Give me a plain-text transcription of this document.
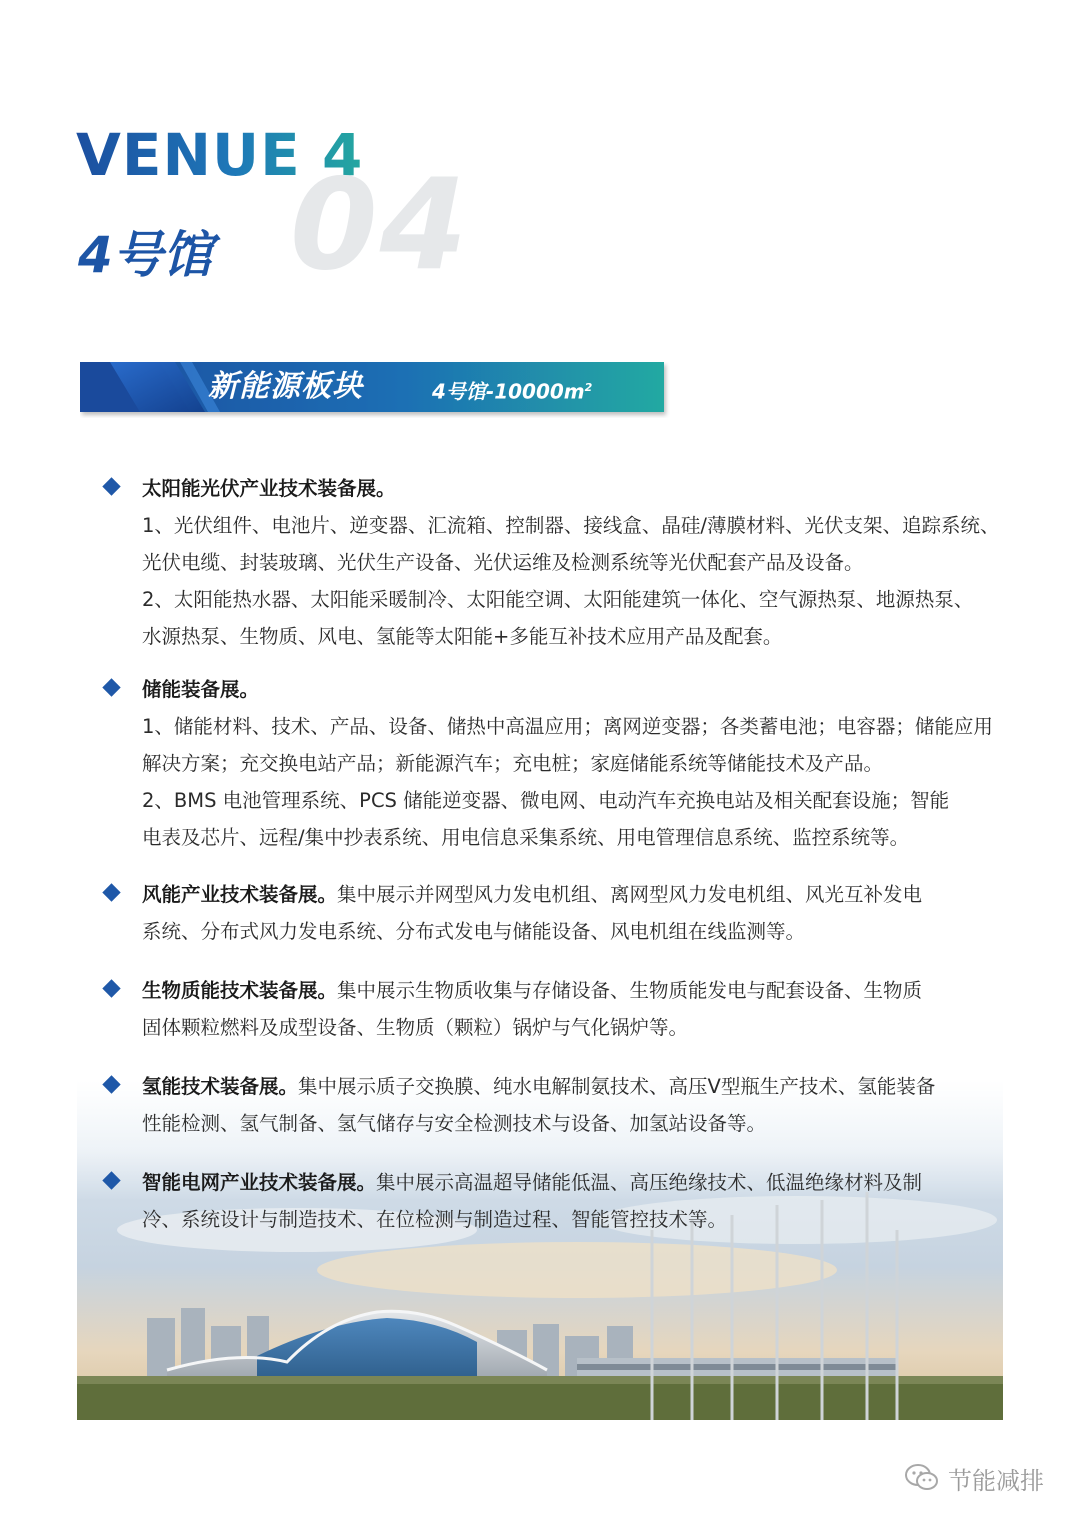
VENUE 4
04
4号馆
新能源板块	4号馆$-10000m^2$
太阳能光伏产业技术装备展。
1、光伏组件、电池片、逆变器、汇流箱、控制器、接线盒、晶硅/薄膜材料、光伏支架、追踪系统、
光伏电缆、封装玻璃、光伏生产设备、光伏运维及检测系统等光伏配套产品及设备。
2、太阳能热水器、太阳能采暖制冷、太阳能空调、太阳能建筑一体化、空气源热泵、地源热泵、
水源热泵、生物质、风电、氢能等太阳能+多能互补技术应用产品及配套。
储能装备展。
1、储能材料、技术、产品、设备、储热中高温应用；离网逆变器；各类蓄电池；电容器；储能应用
解决方案；充交换电站产品；新能源汽车；充电桩；家庭储能系统等储能技术及产品。
2、BMS 电池管理系统、PCS 储能逆变器、微电网、电动汽车充换电站及相关配套设施；智能
电表及芯片、远程/集中抄表系统、用电信息采集系统、用电管理信息系统、监控系统等。
风能产业技术装备展。集中展示并网型风力发电机组、离网型风力发电机组、风光互补发电
系统、分布式风力发电系统、分布式发电与储能设备、风电机组在线监测等。
生物质能技术装备展。集中展示生物质收集与存储设备、生物质能发电与配套设备、生物质
固体颗粒燃料及成型设备、生物质（颗粒）锅炉与气化锅炉等。
氢能技术装备展。集中展示质子交换膜、纯水电解制氨技术、高压V型瓶生产技术、氢能装备
性能检测、氢气制备、氢气储存与安全检测技术与设备、加氢站设备等。
智能电网产业技术装备展。集中展示高温超导储能低温、高压绝缘技术、低温绝缘材料及制
冷、系统设计与制造技术、在位检测与制造过程、智能管控技术等。
节能减排
